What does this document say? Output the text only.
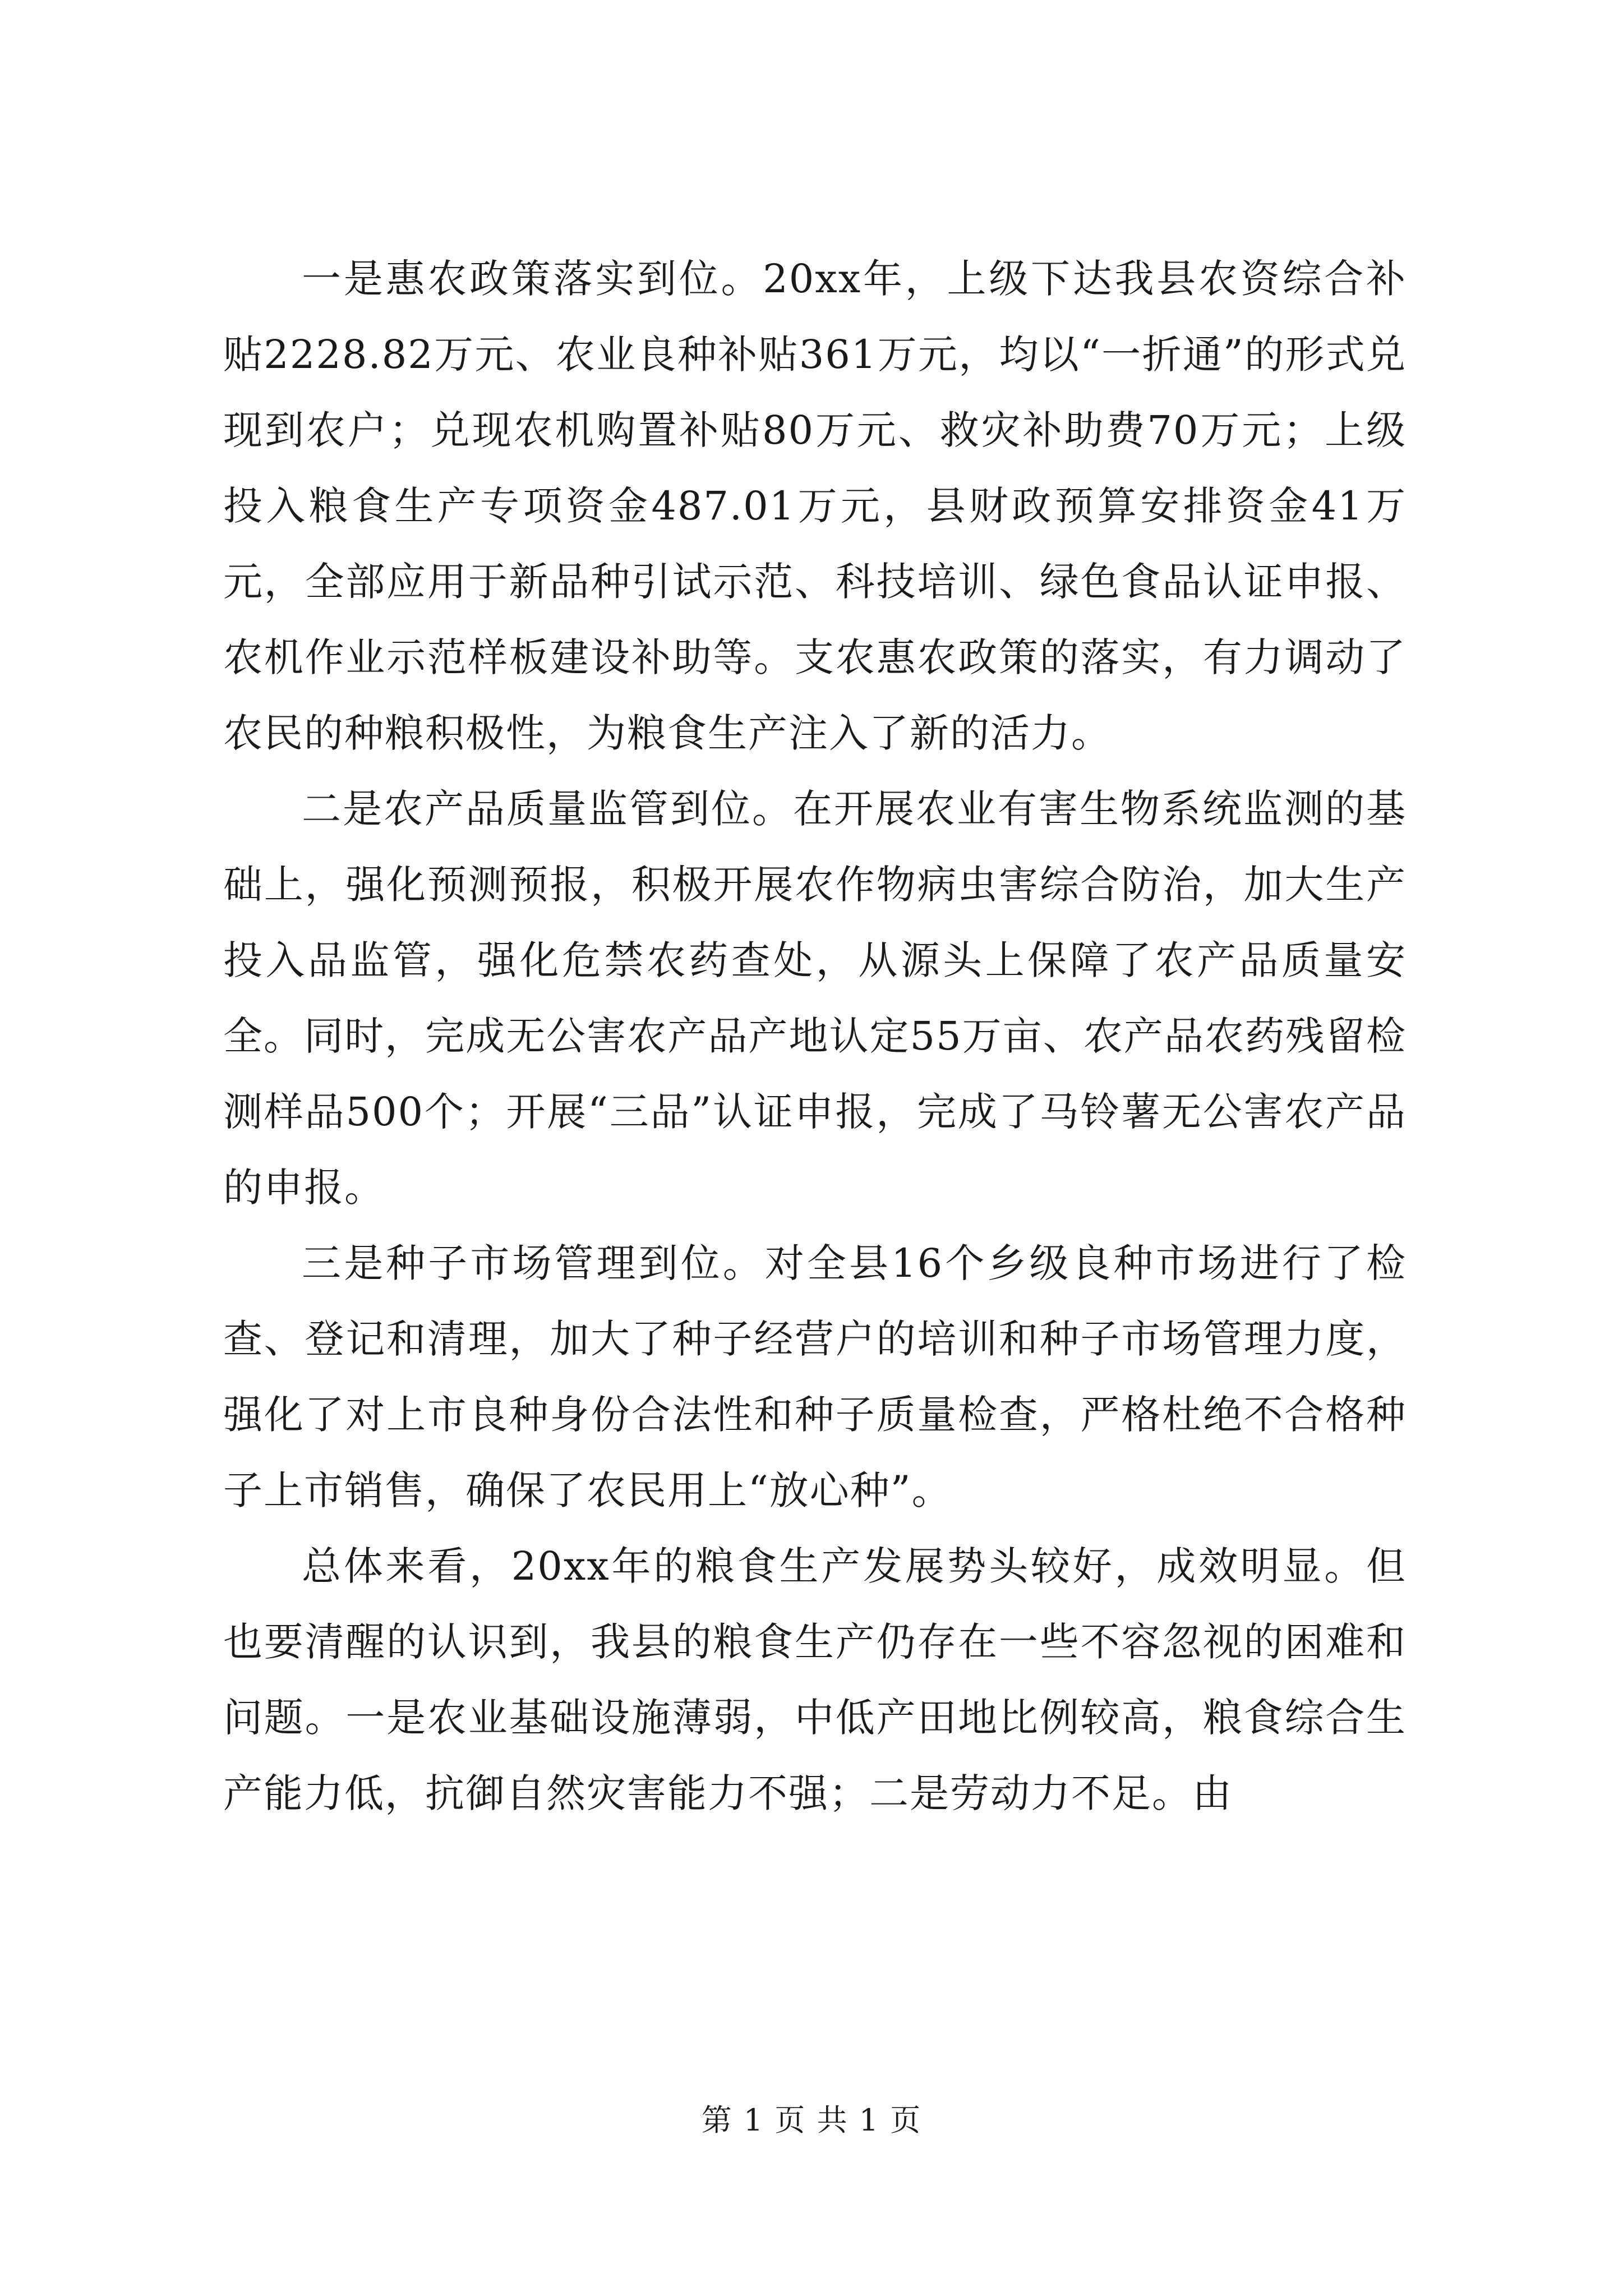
一是惠农政策落实到位。20xx年，上级下达我县农资综合补贴2228.82万元、农业良种补贴361万元，均以“一折通”的形式兑现到农户；兑现农机购置补贴80万元、救灾补助费70万元；上级投入粮食生产专项资金487.01万元，县财政预算安排资金41万元，全部应用于新品种引试示范、科技培训、绿色食品认证申报、农机作业示范样板建设补助等。支农惠农政策的落实，有力调动了农民的种粮积极性，为粮食生产注入了新的活力。

二是农产品质量监管到位。在开展农业有害生物系统监测的基础上，强化预测预报，积极开展农作物病虫害综合防治，加大生产投入品监管，强化危禁农药查处，从源头上保障了农产品质量安全。同时，完成无公害农产品产地认定55万亩、农产品农药残留检测样品500个；开展“三品”认证申报，完成了马铃薯无公害农产品的申报。

三是种子市场管理到位。对全县16个乡级良种市场进行了检查、登记和清理，加大了种子经营户的培训和种子市场管理力度，强化了对上市良种身份合法性和种子质量检查，严格杜绝不合格种子上市销售，确保了农民用上“放心种”。

总体来看，20xx年的粮食生产发展势头较好，成效明显。但也要清醒的认识到，我县的粮食生产仍存在一些不容忽视的困难和问题。一是农业基础设施薄弱，中低产田地比例较高，粮食综合生产能力低，抗御自然灾害能力不强；二是劳动力不足。由

第 1 页 共 1 页
